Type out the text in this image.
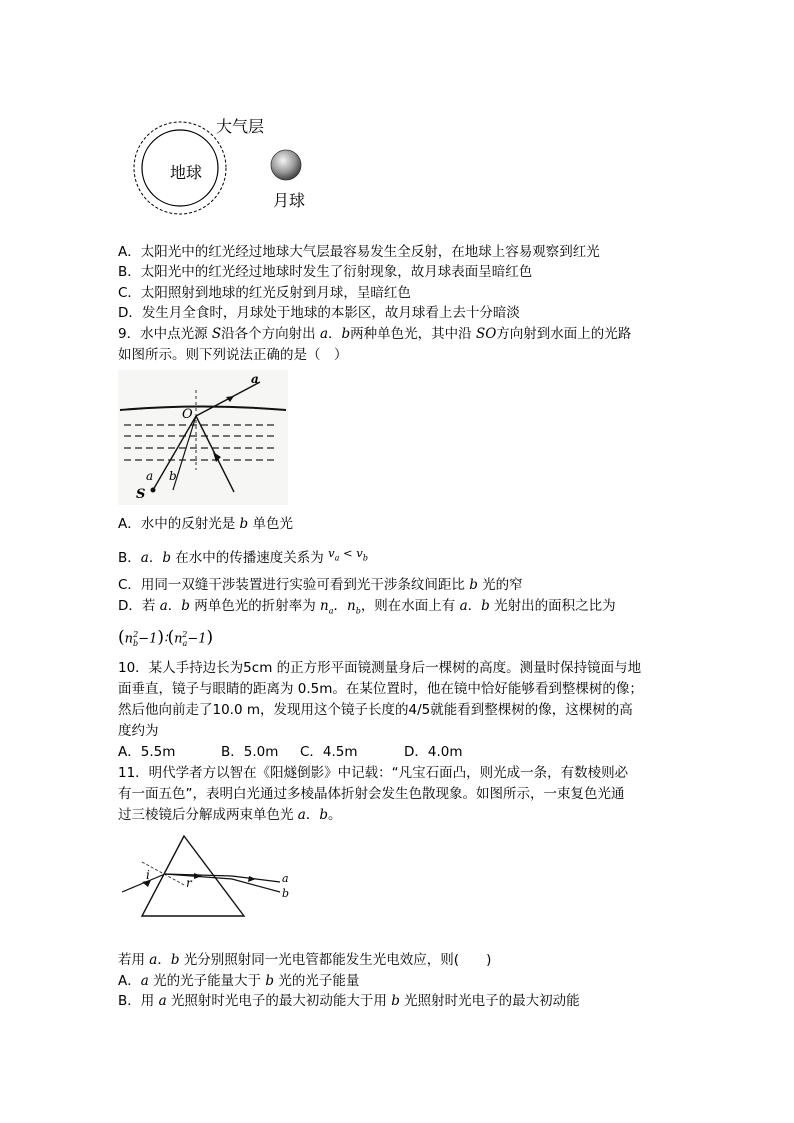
大气层
地球
月球
A．太阳光中的红光经过地球大气层最容易发生全反射，在地球上容易观察到红光
B．太阳光中的红光经过地球时发生了衍射现象，故月球表面呈暗红色
C．太阳照射到地球的红光反射到月球，呈暗红色
D．发生月全食时，月球处于地球的本影区，故月球看上去十分暗淡
9．水中点光源 S沿各个方向射出 a．b两种单色光，其中沿 SO方向射到水面上的光路
如图所示。则下列说法正确的是（　）
a
O
a b
S
A．水中的反射光是 b 单色光
B．a．b 在水中的传播速度关系为 $v_a < v_b$
C．用同一双缝干涉装置进行实验可看到光干涉条纹间距比 b 光的窄
D．若 a．b 两单色光的折射率为 $n_a$．$n_b$，则在水面上有 a．b 光射出的面积之比为
$(n_b^2-1)∶(n_a^2-1)$
10．某人手持边长为5cm 的正方形平面镜测量身后一棵树的高度。测量时保持镜面与地
面垂直，镜子与眼睛的距离为 0.5m。在某位置时，他在镜中恰好能够看到整棵树的像；
然后他向前走了10.0 m，发现用这个镜子长度的4/5就能看到整棵树的像，这棵树的高
度约为
A．5.5m	B．5.0m C．4.5m	D．4.0m
11．明代学者方以智在《阳燧倒影》中记载：“凡宝石面凸，则光成一条，有数棱则必
有一面五色”，表明白光通过多棱晶体折射会发生色散现象。如图所示，一束复色光通
过三棱镜后分解成两束单色光 a．b。
i
r	a
b
若用 a．b 光分别照射同一光电管都能发生光电效应，则(　　)
A．a 光的光子能量大于 b 光的光子能量
B．用 a 光照射时光电子的最大初动能大于用 b 光照射时光电子的最大初动能
